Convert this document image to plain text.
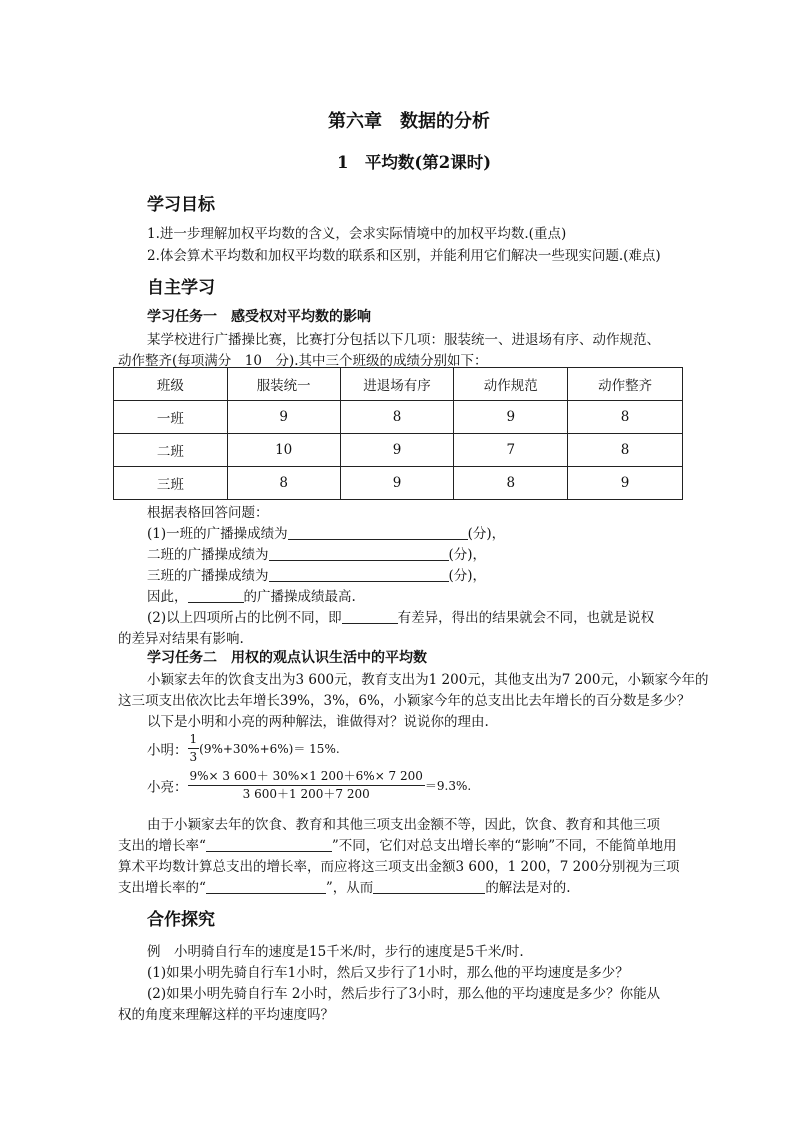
第六章　数据的分析
1　平均数(第2课时)
学习目标
1.进一步理解加权平均数的含义，会求实际情境中的加权平均数.(重点)
2.体会算术平均数和加权平均数的联系和区别，并能利用它们解决一些现实问题.(难点)
自主学习
学习任务一　感受权对平均数的影响
某学校进行广播操比赛，比赛打分包括以下几项：服装统一、进退场有序、动作规范、
动作整齐(每项满分　10　分).其中三个班级的成绩分别如下：
班级	服装统一	进退场有序	动作规范	动作整齐
一班	9	8	9	8
二班	10	9	7	8
三班	8	9	8	9
根据表格回答问题：
(1)一班的广播操成绩为	(分)，
二班的广播操成绩为	(分)，
三班的广播操成绩为	(分)，
因此，	的广播操成绩最高.
(2)以上四项所占的比例不同，即	有差异，得出的结果就会不同，也就是说权
的差异对结果有影响.
学习任务二　用权的观点认识生活中的平均数
小颖家去年的饮食支出为3 600元，教育支出为1 200元，其他支出为7 200元，小颖家今年的
这三项支出依次比去年增长39%，3%，6%，小颖家今年的总支出比去年增长的百分数是多少？
以下是小明和小亮的两种解法，谁做得对？说说你的理由.
小明： $\frac{1}{3} (9\%+30\%+6\%)= 15\%$.
小亮： $\frac{9\%\times 3 600+ 30\%\times 1 200+6\%\times 7 200}{3 600+1 200+7 200} =9.3\%$.
由于小颖家去年的饮食、教育和其他三项支出金额不等，因此，饮食、教育和其他三项
支出的增长率“	”不同，它们对总支出增长率的“影响”不同，不能简单地用
算术平均数计算总支出的增长率，而应将这三项支出金额3 600，1 200，7 200分别视为三项
支出增长率的“	”，从而	的解法是对的.
合作探究
例　小明骑自行车的速度是15千米/时，步行的速度是5千米/时.
(1)如果小明先骑自行车1小时，然后又步行了1小时，那么他的平均速度是多少？
(2)如果小明先骑自行车 2小时，然后步行了3小时，那么他的平均速度是多少？你能从
权的角度来理解这样的平均速度吗？
